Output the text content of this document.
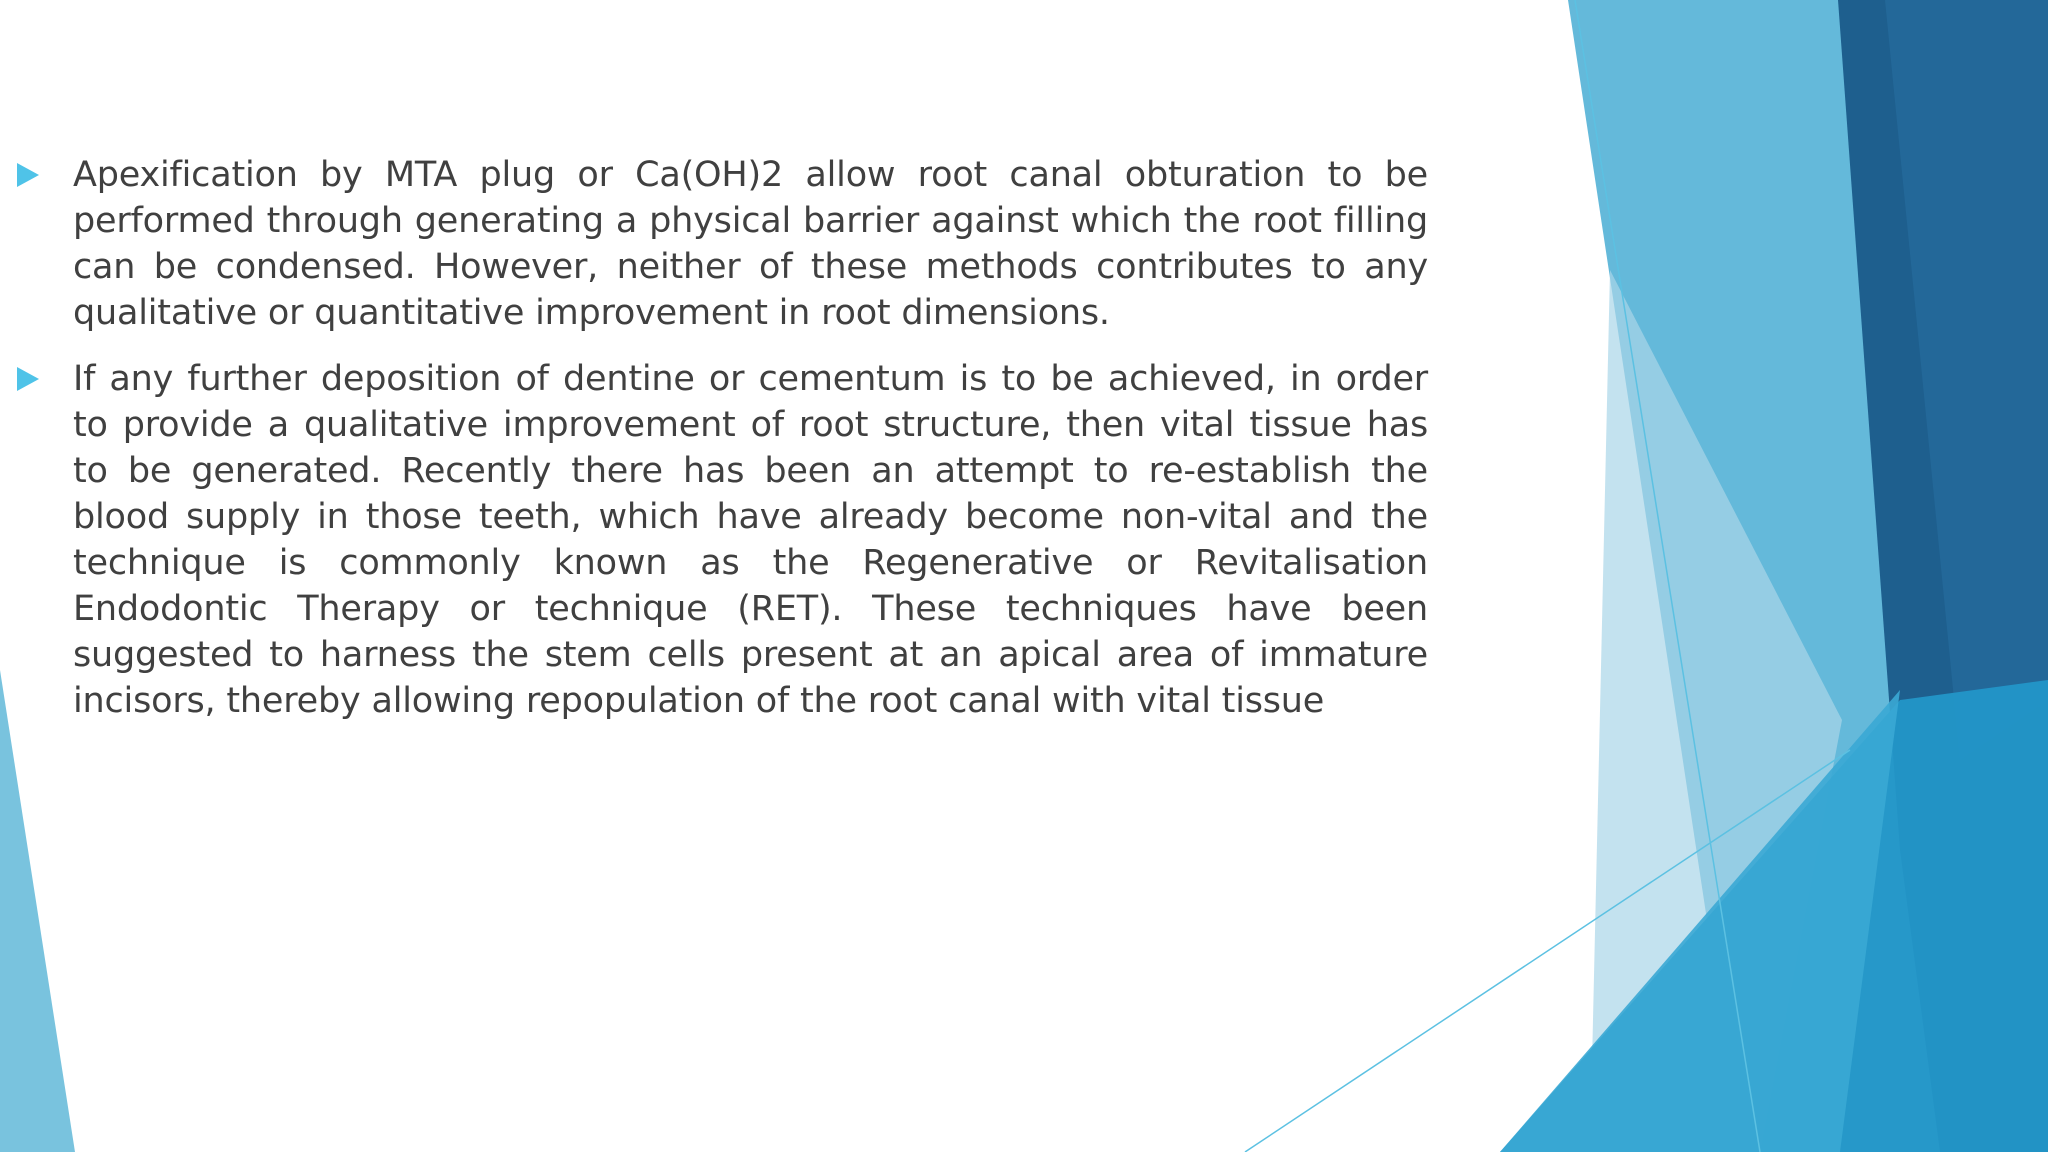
Apexification by MTA plug or Ca(OH)2 allow root canal obturation to be performed through generating a physical barrier against which the root filling can be condensed. However, neither of these methods contributes to any qualitative or quantitative improvement in root dimensions.
If any further deposition of dentine or cementum is to be achieved, in order to provide a qualitative improvement of root structure, then vital tissue has to be generated. Recently there has been an attempt to re-establish the blood supply in those teeth, which have already become non-vital and the technique is commonly known as the Regenerative or Revitalisation Endodontic Therapy or technique (RET). These techniques have been suggested to harness the stem cells present at an apical area of immature incisors, thereby allowing repopulation of the root canal with vital tissue
